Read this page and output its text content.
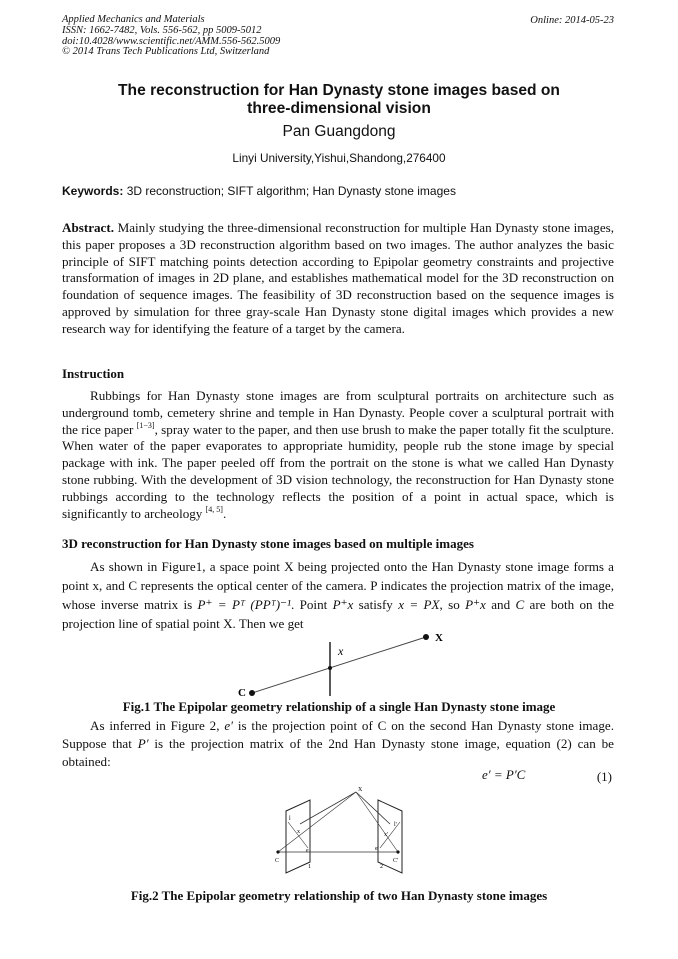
Applied Mechanics and Materials
ISSN: 1662-7482, Vols. 556-562, pp 5009-5012
doi:10.4028/www.scientific.net/AMM.556-562.5009
© 2014 Trans Tech Publications Ltd, Switzerland
Online: 2014-05-23
The reconstruction for Han Dynasty stone images based on
three-dimensional vision
Pan Guangdong
Linyi University,Yishui,Shandong,276400
Keywords: 3D reconstruction; SIFT algorithm; Han Dynasty stone images

Abstract. Mainly studying the three-dimensional reconstruction for multiple Han Dynasty stone images, this paper proposes a 3D reconstruction algorithm based on two images. The author analyzes the basic principle of SIFT matching points detection according to Epipolar geometry constraints and projective transformation of images in 2D plane, and establishes mathematical model for the 3D reconstruction on foundation of sequence images. The feasibility of 3D reconstruction based on the sequence images is approved by simulation for three gray-scale Han Dynasty stone digital images which provides a new research way for identifying the feature of a target by the camera.

Instruction

Rubbings for Han Dynasty stone images are from sculptural portraits on architecture such as underground tomb, cemetery shrine and temple in Han Dynasty. People cover a sculptural portrait with the rice paper [1−3], spray water to the paper, and then use brush to make the paper totally fit the sculpture. When water of the paper evaporates to appropriate humidity, people rub the stone image by special package with ink. The paper peeled off from the portrait on the stone is what we called Han Dynasty stone rubbing. With the development of 3D vision technology, the reconstruction for Han Dynasty stone rubbings according to the technology reflects the position of a point in actual space, which is significantly to archeology [4, 5].

3D reconstruction for Han Dynasty stone images based on multiple images

As shown in Figure1, a space point X being projected onto the Han Dynasty stone image forms a point x, and C represents the optical center of the camera. P indicates the projection matrix of the image, whose inverse matrix is P⁺ = Pᵀ (PPᵀ)⁻¹. Point P⁺x satisfy x = PX, so P⁺x and C are both on the projection line of spatial point X. Then we get

X
x
C
Fig.1 The Epipolar geometry relationship of a single Han Dynasty stone image

As inferred in Figure 2, e′ is the projection point of C on the second Han Dynasty stone image. Suppose that P′ is the projection matrix of the 2nd Han Dynasty stone image, equation (2) can be obtained:

e′ = P′C	(1)
X
l
x
e
C
1
l'
x'
e'
C'
2
Fig.2 The Epipolar geometry relationship of two Han Dynasty stone images
